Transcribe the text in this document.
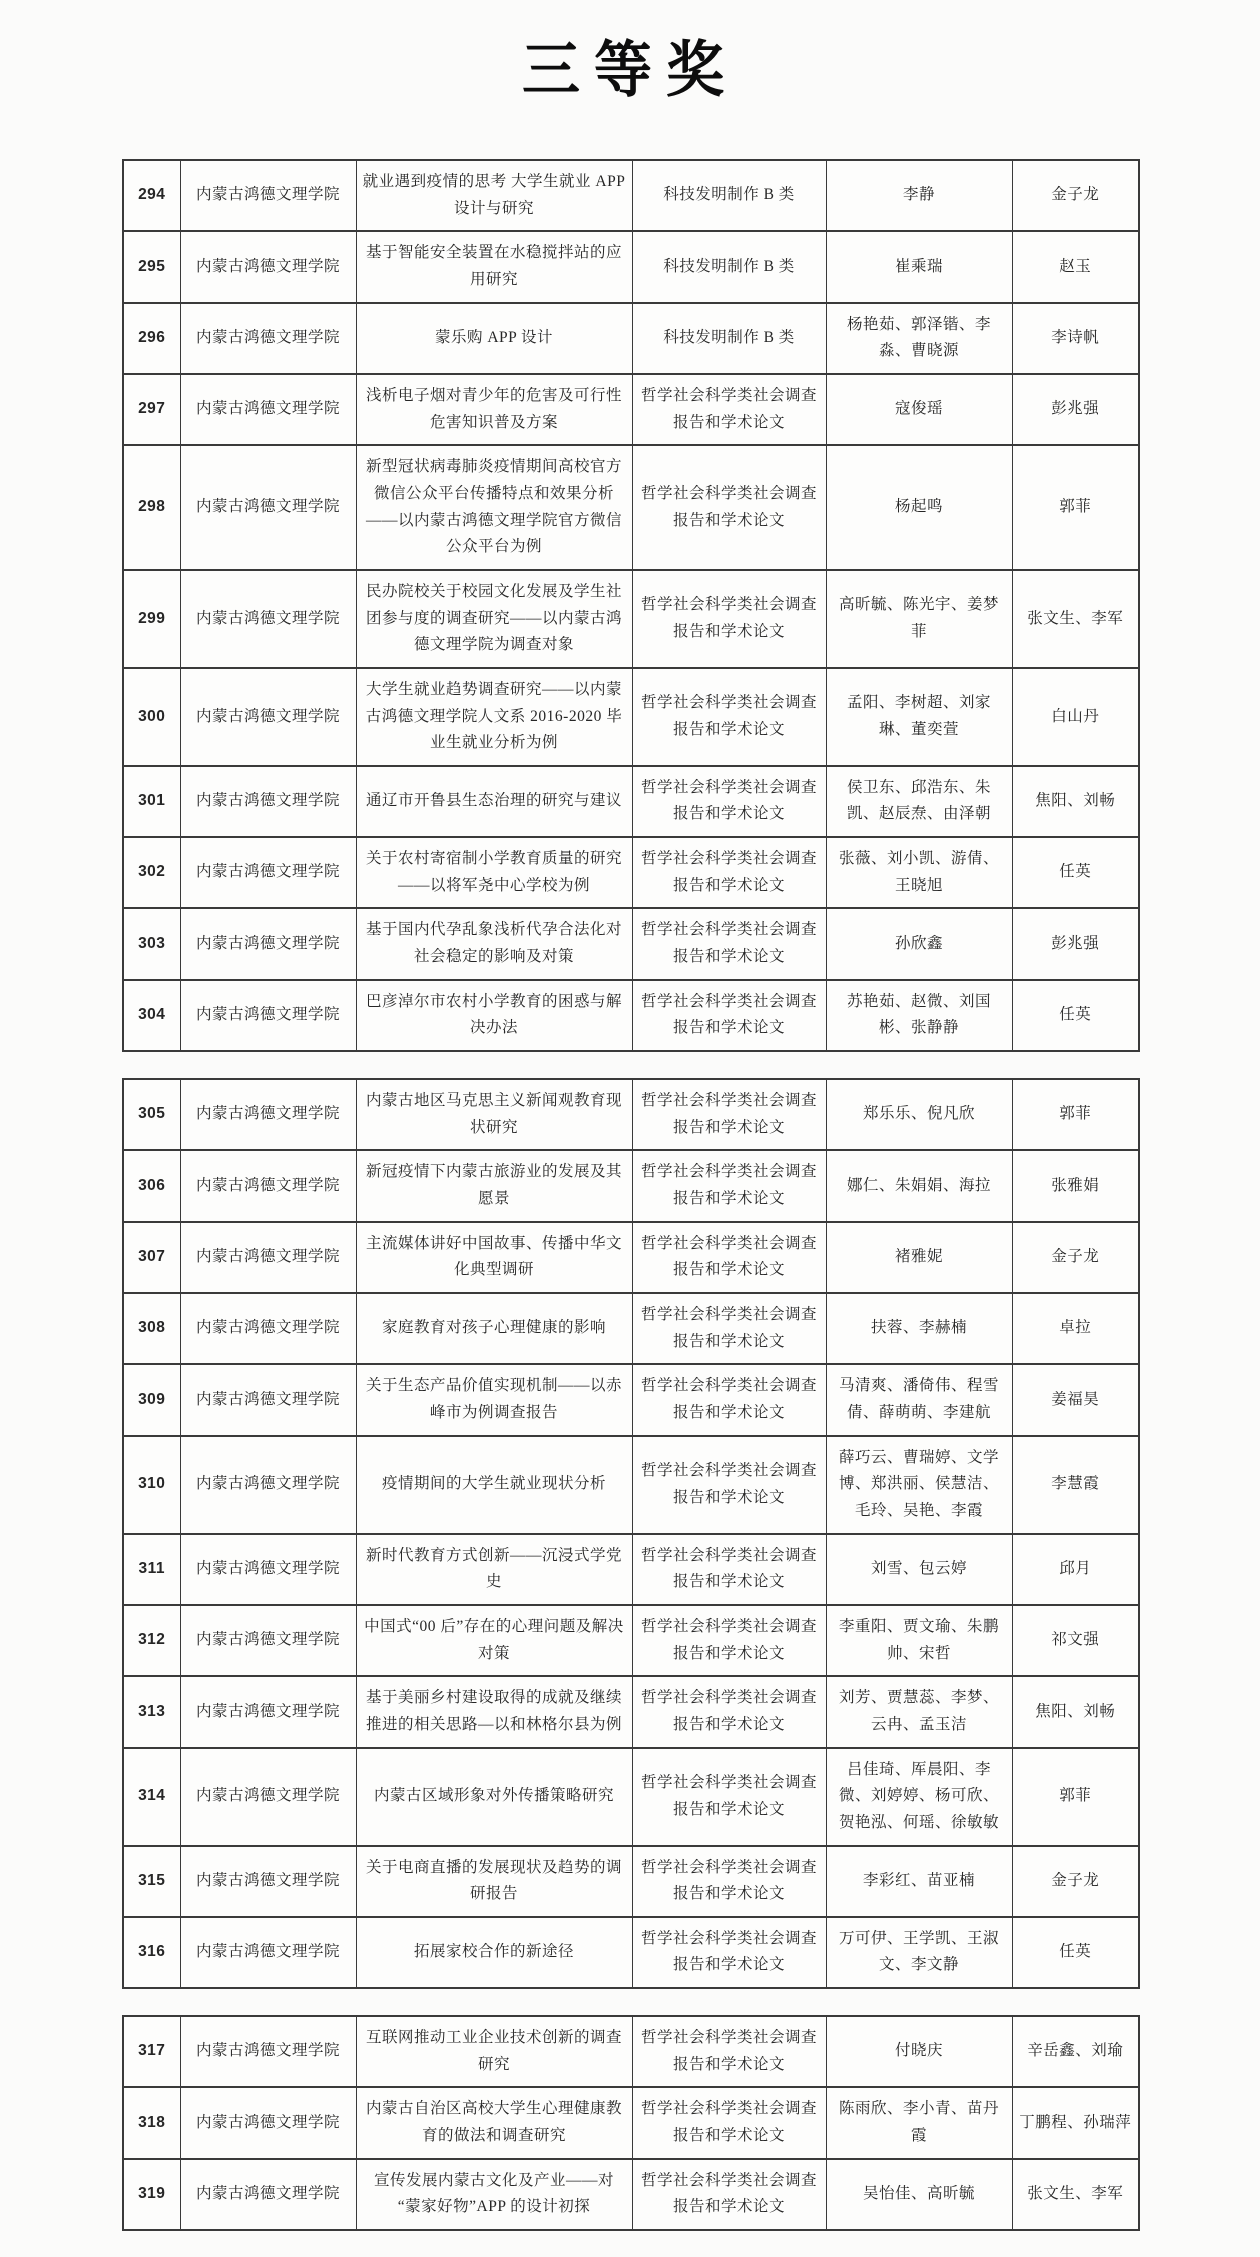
三等奖
294	内蒙古鸿德文理学院	就业遇到疫情的思考 大学生就业 APP 设计与研究	科技发明制作 B 类	李静	金子龙
295	内蒙古鸿德文理学院	基于智能安全装置在水稳搅拌站的应用研究	科技发明制作 B 类	崔乘瑞	赵玉
296	内蒙古鸿德文理学院	蒙乐购 APP 设计	科技发明制作 B 类	杨艳茹、郭泽锴、李淼、曹晓源	李诗帆
297	内蒙古鸿德文理学院	浅析电子烟对青少年的危害及可行性危害知识普及方案	哲学社会科学类社会调查报告和学术论文	寇俊瑶	彭兆强
298	内蒙古鸿德文理学院	新型冠状病毒肺炎疫情期间高校官方微信公众平台传播特点和效果分析——以内蒙古鸿德文理学院官方微信公众平台为例	哲学社会科学类社会调查报告和学术论文	杨起鸣	郭菲
299	内蒙古鸿德文理学院	民办院校关于校园文化发展及学生社团参与度的调查研究——以内蒙古鸿德文理学院为调查对象	哲学社会科学类社会调查报告和学术论文	高昕毓、陈光宇、姜梦菲	张文生、李军
300	内蒙古鸿德文理学院	大学生就业趋势调查研究——以内蒙古鸿德文理学院人文系 2016-2020 毕业生就业分析为例	哲学社会科学类社会调查报告和学术论文	孟阳、李树超、刘家琳、董奕萱	白山丹
301	内蒙古鸿德文理学院	通辽市开鲁县生态治理的研究与建议	哲学社会科学类社会调查报告和学术论文	侯卫东、邱浩东、朱凯、赵辰焘、由泽朝	焦阳、刘畅
302	内蒙古鸿德文理学院	关于农村寄宿制小学教育质量的研究——以将军尧中心学校为例	哲学社会科学类社会调查报告和学术论文	张薇、刘小凯、游倩、王晓旭	任英
303	内蒙古鸿德文理学院	基于国内代孕乱象浅析代孕合法化对社会稳定的影响及对策	哲学社会科学类社会调查报告和学术论文	孙欣鑫	彭兆强
304	内蒙古鸿德文理学院	巴彦淖尔市农村小学教育的困惑与解决办法	哲学社会科学类社会调查报告和学术论文	苏艳茹、赵微、刘国彬、张静静	任英
305	内蒙古鸿德文理学院	内蒙古地区马克思主义新闻观教育现状研究	哲学社会科学类社会调查报告和学术论文	郑乐乐、倪凡欣	郭菲
306	内蒙古鸿德文理学院	新冠疫情下内蒙古旅游业的发展及其愿景	哲学社会科学类社会调查报告和学术论文	娜仁、朱娟娟、海拉	张雅娟
307	内蒙古鸿德文理学院	主流媒体讲好中国故事、传播中华文化典型调研	哲学社会科学类社会调查报告和学术论文	褚雅妮	金子龙
308	内蒙古鸿德文理学院	家庭教育对孩子心理健康的影响	哲学社会科学类社会调查报告和学术论文	扶蓉、李赫楠	卓拉
309	内蒙古鸿德文理学院	关于生态产品价值实现机制——以赤峰市为例调查报告	哲学社会科学类社会调查报告和学术论文	马清爽、潘倚伟、程雪倩、薛萌萌、李建航	姜福昊
310	内蒙古鸿德文理学院	疫情期间的大学生就业现状分析	哲学社会科学类社会调查报告和学术论文	薛巧云、曹瑞婷、文学博、郑洪丽、侯慧洁、毛玲、吴艳、李霞	李慧霞
311	内蒙古鸿德文理学院	新时代教育方式创新——沉浸式学党史	哲学社会科学类社会调查报告和学术论文	刘雪、包云婷	邱月
312	内蒙古鸿德文理学院	中国式“00 后”存在的心理问题及解决对策	哲学社会科学类社会调查报告和学术论文	李重阳、贾文瑜、朱鹏帅、宋哲	祁文强
313	内蒙古鸿德文理学院	基于美丽乡村建设取得的成就及继续推进的相关思路—以和林格尔县为例	哲学社会科学类社会调查报告和学术论文	刘芳、贾慧蕊、李梦、云冉、孟玉洁	焦阳、刘畅
314	内蒙古鸿德文理学院	内蒙古区域形象对外传播策略研究	哲学社会科学类社会调查报告和学术论文	吕佳琦、厍晨阳、李微、刘婷婷、杨可欣、贺艳泓、何瑶、徐敏敏	郭菲
315	内蒙古鸿德文理学院	关于电商直播的发展现状及趋势的调研报告	哲学社会科学类社会调查报告和学术论文	李彩红、苗亚楠	金子龙
316	内蒙古鸿德文理学院	拓展家校合作的新途径	哲学社会科学类社会调查报告和学术论文	万可伊、王学凯、王淑文、李文静	任英
317	内蒙古鸿德文理学院	互联网推动工业企业技术创新的调查研究	哲学社会科学类社会调查报告和学术论文	付晓庆	辛岳鑫、刘瑜
318	内蒙古鸿德文理学院	内蒙古自治区高校大学生心理健康教育的做法和调查研究	哲学社会科学类社会调查报告和学术论文	陈雨欣、李小青、苗丹霞	丁鹏程、孙瑞萍
319	内蒙古鸿德文理学院	宣传发展内蒙古文化及产业——对“蒙家好物”APP 的设计初探	哲学社会科学类社会调查报告和学术论文	吴怡佳、高昕毓	张文生、李军
